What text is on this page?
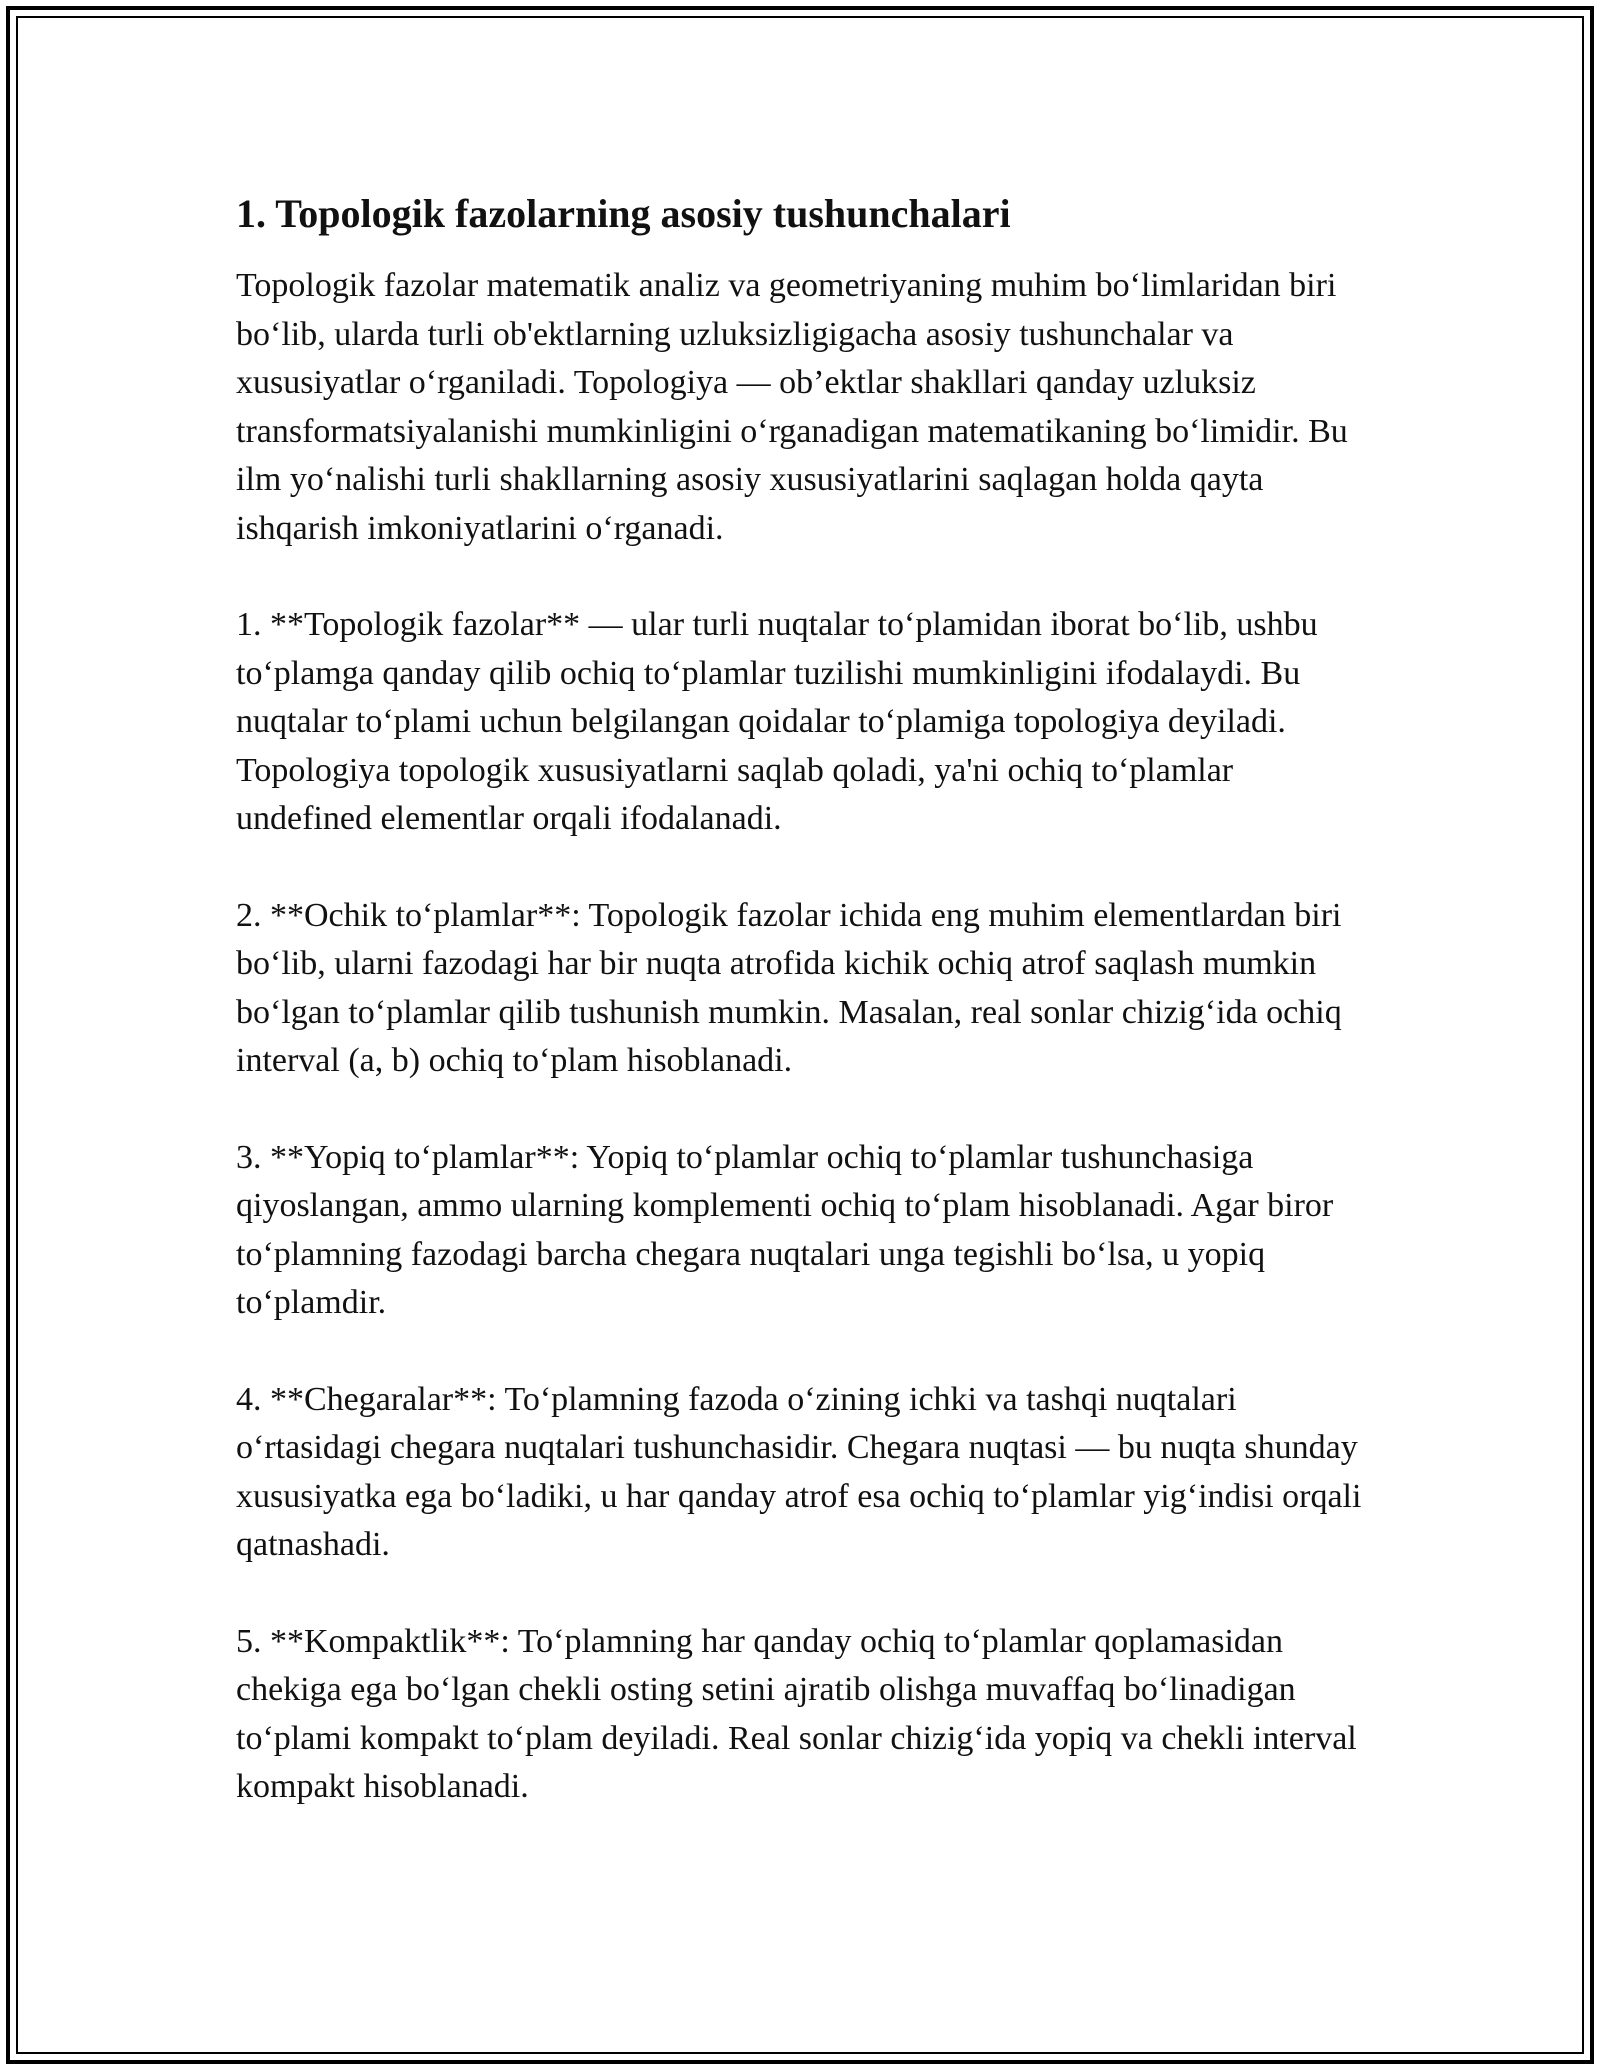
1. Topologik fazolarning asosiy tushunchalari

Topologik fazolar matematik analiz va geometriyaning muhim bo‘limlaridan biri bo‘lib, ularda turli ob'ektlarning uzluksizligigacha asosiy tushunchalar va xususiyatlar o‘rganiladi. Topologiya — ob’ektlar shakllari qanday uzluksiz transformatsiyalanishi mumkinligini o‘rganadigan matematikaning bo‘limidir. Bu ilm yo‘nalishi turli shakllarning asosiy xususiyatlarini saqlagan holda qayta ishqarish imkoniyatlarini o‘rganadi.

1. **Topologik fazolar** — ular turli nuqtalar to‘plamidan iborat bo‘lib, ushbu to‘plamga qanday qilib ochiq to‘plamlar tuzilishi mumkinligini ifodalaydi. Bu nuqtalar to‘plami uchun belgilangan qoidalar to‘plamiga topologiya deyiladi. Topologiya topologik xususiyatlarni saqlab qoladi, ya'ni ochiq to‘plamlar undefined elementlar orqali ifodalanadi.

2. **Ochik to‘plamlar**: Topologik fazolar ichida eng muhim elementlardan biri bo‘lib, ularni fazodagi har bir nuqta atrofida kichik ochiq atrof saqlash mumkin bo‘lgan to‘plamlar qilib tushunish mumkin. Masalan, real sonlar chizig‘ida ochiq interval (a, b) ochiq to‘plam hisoblanadi.

3. **Yopiq to‘plamlar**: Yopiq to‘plamlar ochiq to‘plamlar tushunchasiga qiyoslangan, ammo ularning komplementi ochiq to‘plam hisoblanadi. Agar biror to‘plamning fazodagi barcha chegara nuqtalari unga tegishli bo‘lsa, u yopiq to‘plamdir.

4. **Chegaralar**: To‘plamning fazoda o‘zining ichki va tashqi nuqtalari o‘rtasidagi chegara nuqtalari tushunchasidir. Chegara nuqtasi — bu nuqta shunday xususiyatka ega bo‘ladiki, u har qanday atrof esa ochiq to‘plamlar yig‘indisi orqali qatnashadi.

5. **Kompaktlik**: To‘plamning har qanday ochiq to‘plamlar qoplamasidan chekiga ega bo‘lgan chekli osting setini ajratib olishga muvaffaq bo‘linadigan to‘plami kompakt to‘plam deyiladi. Real sonlar chizig‘ida yopiq va chekli interval kompakt hisoblanadi.
